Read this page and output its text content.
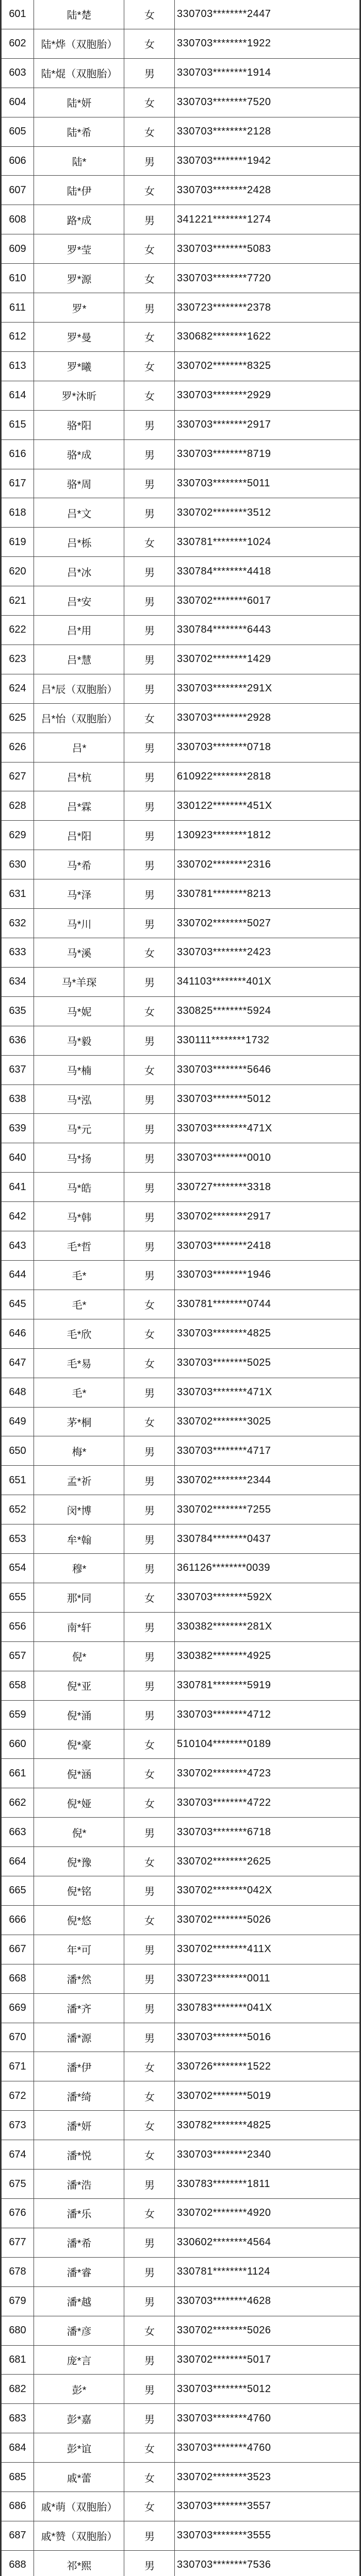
601	陆*楚	女	330703********2447
602	陆*烨（双胞胎）	女	330703********1922
603	陆*焜（双胞胎）	男	330703********1914
604	陆*妍	女	330703********7520
605	陆*希	女	330703********2128
606	陆*	男	330703********1942
607	陆*伊	女	330703********2428
608	路*成	男	341221********1274
609	罗*莹	女	330703********5083
610	罗*源	女	330703********7720
611	罗*	男	330723********2378
612	罗*曼	女	330682********1622
613	罗*曦	女	330702********8325
614	罗*沐昕	女	330703********2929
615	骆*阳	男	330703********2917
616	骆*成	男	330703********8719
617	骆*周	男	330703********5011
618	吕*文	男	330702********3512
619	吕*栎	女	330781********1024
620	吕*冰	男	330784********4418
621	吕*安	男	330702********6017
622	吕*用	男	330784********6443
623	吕*慧	男	330702********1429
624	吕*辰（双胞胎）	男	330703********291X
625	吕*怡（双胞胎）	女	330703********2928
626	吕*	男	330703********0718
627	吕*杭	男	610922********2818
628	吕*霖	男	330122********451X
629	吕*阳	男	130923********1812
630	马*希	男	330702********2316
631	马*泽	男	330781********8213
632	马*川	男	330702********5027
633	马*溪	女	330703********2423
634	马*羊琛	男	341103********401X
635	马*妮	女	330825********5924
636	马*毅	男	330111********1732
637	马*楠	女	330703********5646
638	马*泓	男	330703********5012
639	马*元	男	330703********471X
640	马*扬	男	330703********0010
641	马*皓	男	330727********3318
642	马*韩	男	330702********2917
643	毛*哲	男	330703********2418
644	毛*	男	330703********1946
645	毛*	女	330781********0744
646	毛*欣	女	330703********4825
647	毛*易	女	330703********5025
648	毛*	男	330703********471X
649	茅*桐	女	330702********3025
650	梅*	男	330703********4717
651	孟*祈	男	330702********2344
652	闵*博	男	330702********7255
653	牟*翰	男	330784********0437
654	穆*	男	361126********0039
655	那*同	女	330703********592X
656	南*轩	男	330382********281X
657	倪*	男	330382********4925
658	倪*亚	男	330781********5919
659	倪*涌	男	330703********4712
660	倪*豪	女	510104********0189
661	倪*涵	女	330702********4723
662	倪*娅	女	330703********4722
663	倪*	男	330703********6718
664	倪*豫	女	330702********2625
665	倪*铭	男	330702********042X
666	倪*悠	女	330702********5026
667	年*可	男	330702********411X
668	潘*然	男	330723********0011
669	潘*齐	男	330783********041X
670	潘*源	男	330703********5016
671	潘*伊	女	330726********1522
672	潘*绮	女	330702********5019
673	潘*妍	女	330782********4825
674	潘*悦	女	330703********2340
675	潘*浩	男	330783********1811
676	潘*乐	女	330702********4920
677	潘*希	男	330602********4564
678	潘*睿	男	330781********1124
679	潘*越	男	330703********4628
680	潘*彦	女	330702********5026
681	庞*言	男	330702********5017
682	彭*	男	330703********5012
683	彭*嘉	男	330703********4760
684	彭*谊	女	330703********4760
685	戚*蕾	女	330702********3523
686	戚*萌（双胞胎）	女	330703********3557
687	戚*赞（双胞胎）	男	330703********3555
688	祁*熙	男	330703********7536
